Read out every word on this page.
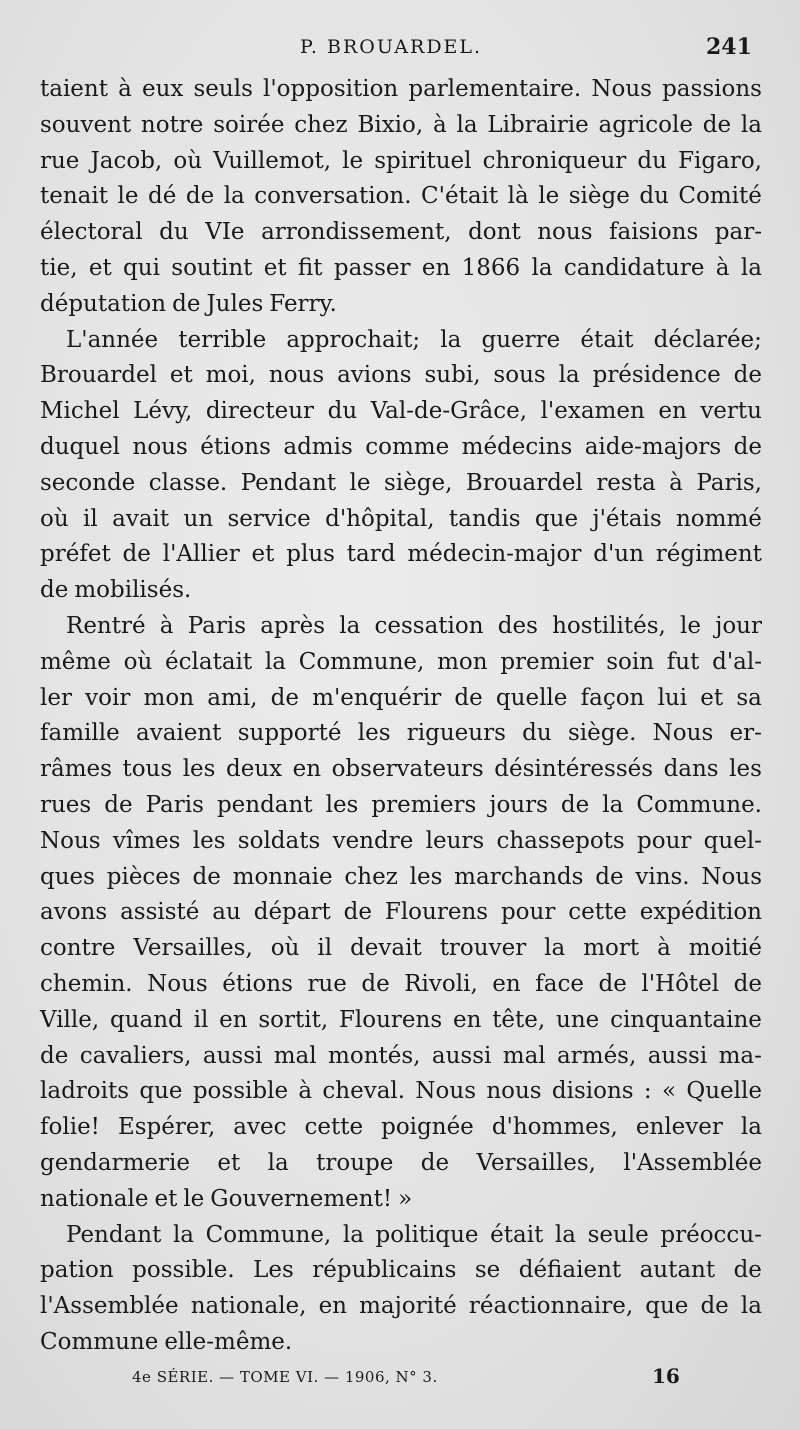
P. BROUARDEL.	241
taient à eux seuls l'opposition parlementaire. Nous passions
souvent notre soirée chez Bixio, à la Librairie agricole de la
rue Jacob, où Vuillemot, le spirituel chroniqueur du Figaro,
tenait le dé de la conversation. C'était là le siège du Comité
électoral du VIe arrondissement, dont nous faisions par-
tie, et qui soutint et fit passer en 1866 la candidature à la
députation de Jules Ferry.
L'année terrible approchait; la guerre était déclarée;
Brouardel et moi, nous avions subi, sous la présidence de
Michel Lévy, directeur du Val-de-Grâce, l'examen en vertu
duquel nous étions admis comme médecins aide-majors de
seconde classe. Pendant le siège, Brouardel resta à Paris,
où il avait un service d'hôpital, tandis que j'étais nommé
préfet de l'Allier et plus tard médecin-major d'un régiment
de mobilisés.
Rentré à Paris après la cessation des hostilités, le jour
même où éclatait la Commune, mon premier soin fut d'al-
ler voir mon ami, de m'enquérir de quelle façon lui et sa
famille avaient supporté les rigueurs du siège. Nous er-
râmes tous les deux en observateurs désintéressés dans les
rues de Paris pendant les premiers jours de la Commune.
Nous vîmes les soldats vendre leurs chassepots pour quel-
ques pièces de monnaie chez les marchands de vins. Nous
avons assisté au départ de Flourens pour cette expédition
contre Versailles, où il devait trouver la mort à moitié
chemin. Nous étions rue de Rivoli, en face de l'Hôtel de
Ville, quand il en sortit, Flourens en tête, une cinquantaine
de cavaliers, aussi mal montés, aussi mal armés, aussi ma-
ladroits que possible à cheval. Nous nous disions : « Quelle
folie! Espérer, avec cette poignée d'hommes, enlever la
gendarmerie et la troupe de Versailles, l'Assemblée
nationale et le Gouvernement! »
Pendant la Commune, la politique était la seule préoccu-
pation possible. Les républicains se défiaient autant de
l'Assemblée nationale, en majorité réactionnaire, que de la
Commune elle-même.
4e SÉRIE. — TOME VI. — 1906, N° 3.	16
